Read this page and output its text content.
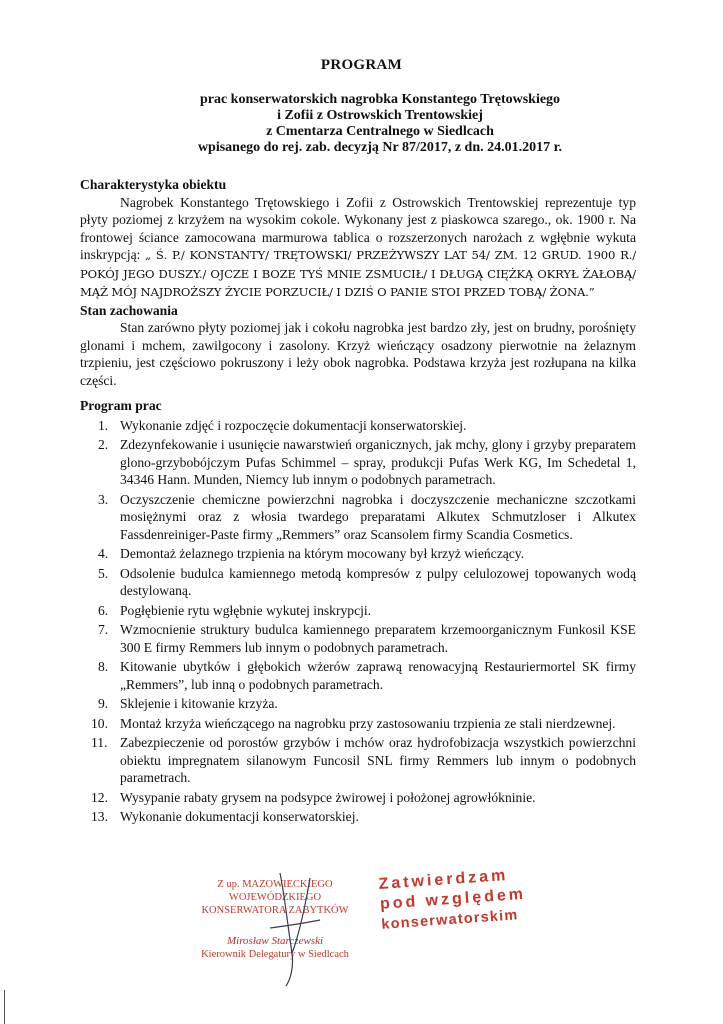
PROGRAM
prac konserwatorskich nagrobka Konstantego Trętowskiego
i Zofii z Ostrowskich Trentowskiej
z Cmentarza Centralnego w Siedlcach
wpisanego do rej. zab. decyzją Nr 87/2017, z dn. 24.01.2017 r.
Charakterystyka obiektu
Nagrobek Konstantego Trętowskiego i Zofii z Ostrowskich Trentowskiej reprezentuje typ płyty poziomej z krzyżem na wysokim cokole. Wykonany jest z piaskowca szarego., ok. 1900 r. Na frontowej ściance zamocowana marmurowa tablica o rozszerzonych narożach z wgłębnie wykuta inskrypcją: „ Ś. P./ KONSTANTY/ TRĘTOWSKI/ PRZEŻYWSZY LAT 54/ ZM. 12 GRUD. 1900 R./ POKÓJ JEGO DUSZY./ OJCZE I BOZE TYŚ MNIE ZSMUCIŁ/ I DŁUGĄ CIĘŻKĄ OKRYŁ ŻAŁOBĄ/ MĄŻ MÓJ NAJDROŻSZY ŻYCIE PORZUCIŁ/ I DZIŚ O PANIE STOI PRZED TOBĄ/ ŻONA.”
Stan zachowania
Stan zarówno płyty poziomej jak i cokołu nagrobka jest bardzo zły, jest on brudny, porośnięty glonami i mchem, zawilgocony i zasolony. Krzyż wieńczący osadzony pierwotnie na żelaznym trzpieniu, jest częściowo pokruszony i leży obok nagrobka. Podstawa krzyża jest rozłupana na kilka części.
Program prac
1. Wykonanie zdjęć i rozpoczęcie dokumentacji konserwatorskiej.
2. Zdezynfekowanie i usunięcie nawarstwień organicznych, jak mchy, glony i grzyby preparatem glono-grzybobójczym Pufas Schimmel – spray, produkcji Pufas Werk KG, Im Schedetal 1, 34346 Hann. Munden, Niemcy lub innym o podobnych parametrach.
3. Oczyszczenie chemiczne powierzchni nagrobka i doczyszczenie mechaniczne szczotkami mosiężnymi oraz z włosia twardego preparatami Alkutex Schmutzloser i Alkutex Fassdenreiniger-Paste firmy „Remmers” oraz Scansolem firmy Scandia Cosmetics.
4. Demontaż żelaznego trzpienia na którym mocowany był krzyż wieńczący.
5. Odsolenie budulca kamiennego metodą kompresów z pulpy celulozowej topowanych wodą destylowaną.
6. Pogłębienie rytu wgłębnie wykutej inskrypcji.
7. Wzmocnienie struktury budulca kamiennego preparatem krzemoorganicznym Funkosil KSE 300 E firmy Remmers lub innym o podobnych parametrach.
8. Kitowanie ubytków i głębokich wżerów zaprawą renowacyjną Restauriermortel SK firmy „Remmers”, lub inną o podobnych parametrach.
9. Sklejenie i kitowanie krzyża.
10. Montaż krzyża wieńczącego na nagrobku przy zastosowaniu trzpienia ze stali nierdzewnej.
11. Zabezpieczenie od porostów grzybów i mchów oraz hydrofobizacja wszystkich powierzchni obiektu impregnatem silanowym Funcosil SNL firmy Remmers lub innym o podobnych parametrach.
12. Wysypanie rabaty grysem na podsypce żwirowej i położonej agrowłókninie.
13. Wykonanie dokumentacji konserwatorskiej.
Z up. MAZOWIECKIEGO WOJEWÓDZKIEGO
KONSERWATORA ZABYTKÓW
Mirosław Starczewski
Kierownik Delegatury w Siedlcach
Zatwierdzam
pod względem
konserwatorskim
